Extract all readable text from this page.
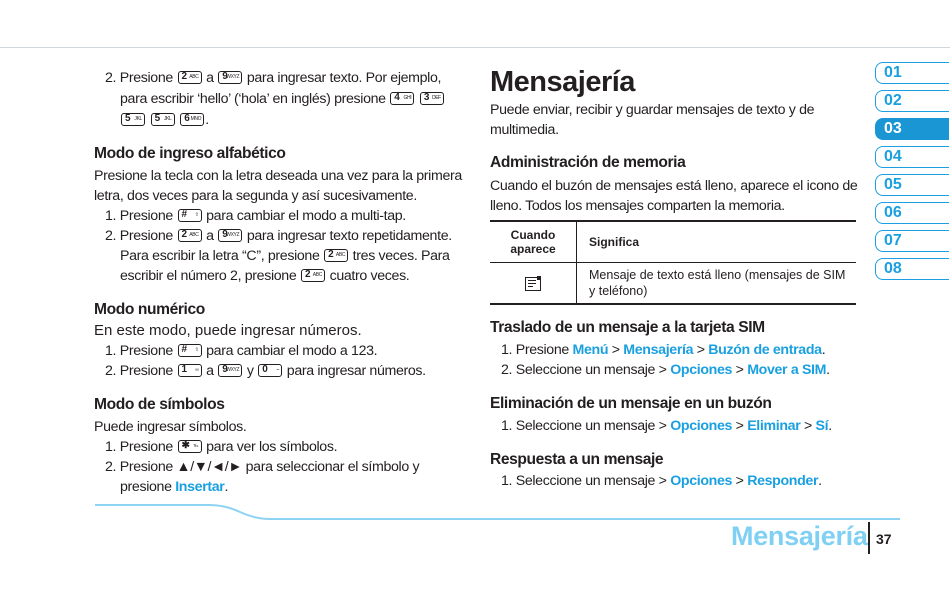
2. Presione 2 ABC a 9
WXYZ para ingresar texto. Por ejemplo,
para escribir ‘hello’ (‘hola’ en inglés) presione 4 GHI
3 DEF
5 JKL
5 JKL
6 MNO .
Modo de ingreso alfabético
Presione la tecla con la letra deseada una vez para la primera
letra, dos veces para la segunda y así sucesivamente.
1. Presione # ⇧ para cambiar el modo a multi-tap.
2. Presione 2 ABC a 9
WXYZ para ingresar texto repetidamente.
Para escribir la letra “C”, presione 2 ABC tres veces. Para
escribir el número 2, presione 2 ABC cuatro veces.
Modo numérico
En este modo, puede ingresar números.
1. Presione # ⇧ para cambiar el modo a 123.
2. Presione 1 ∞ a 9
WXYZ y 0 ⌣ para ingresar números.
Modo de símbolos
Puede ingresar símbolos.
1. Presione ✱ ℡ para ver los símbolos.
2. Presione ▲/▼/◄/► para seleccionar el símbolo y
presione Insertar.
Mensajería
Puede enviar, recibir y guardar mensajes de texto y de
multimedia.
Administración de memoria
Cuando el buzón de mensajes está lleno, aparece el icono de
lleno. Todos los mensajes comparten la memoria.
Cuando aparece	Significa

	Mensaje de texto está lleno (mensajes de SIM y teléfono)
Traslado de un mensaje a la tarjeta SIM
1. Presione Menú > Mensajería > Buzón de entrada.
2. Seleccione un mensaje > Opciones > Mover a SIM.
Eliminación de un mensaje en un buzón
1. Seleccione un mensaje > Opciones > Eliminar > Sí.
Respuesta a un mensaje
1. Seleccione un mensaje > Opciones > Responder.
01
02
03
04
05
06
07
08
Mensajería 37
